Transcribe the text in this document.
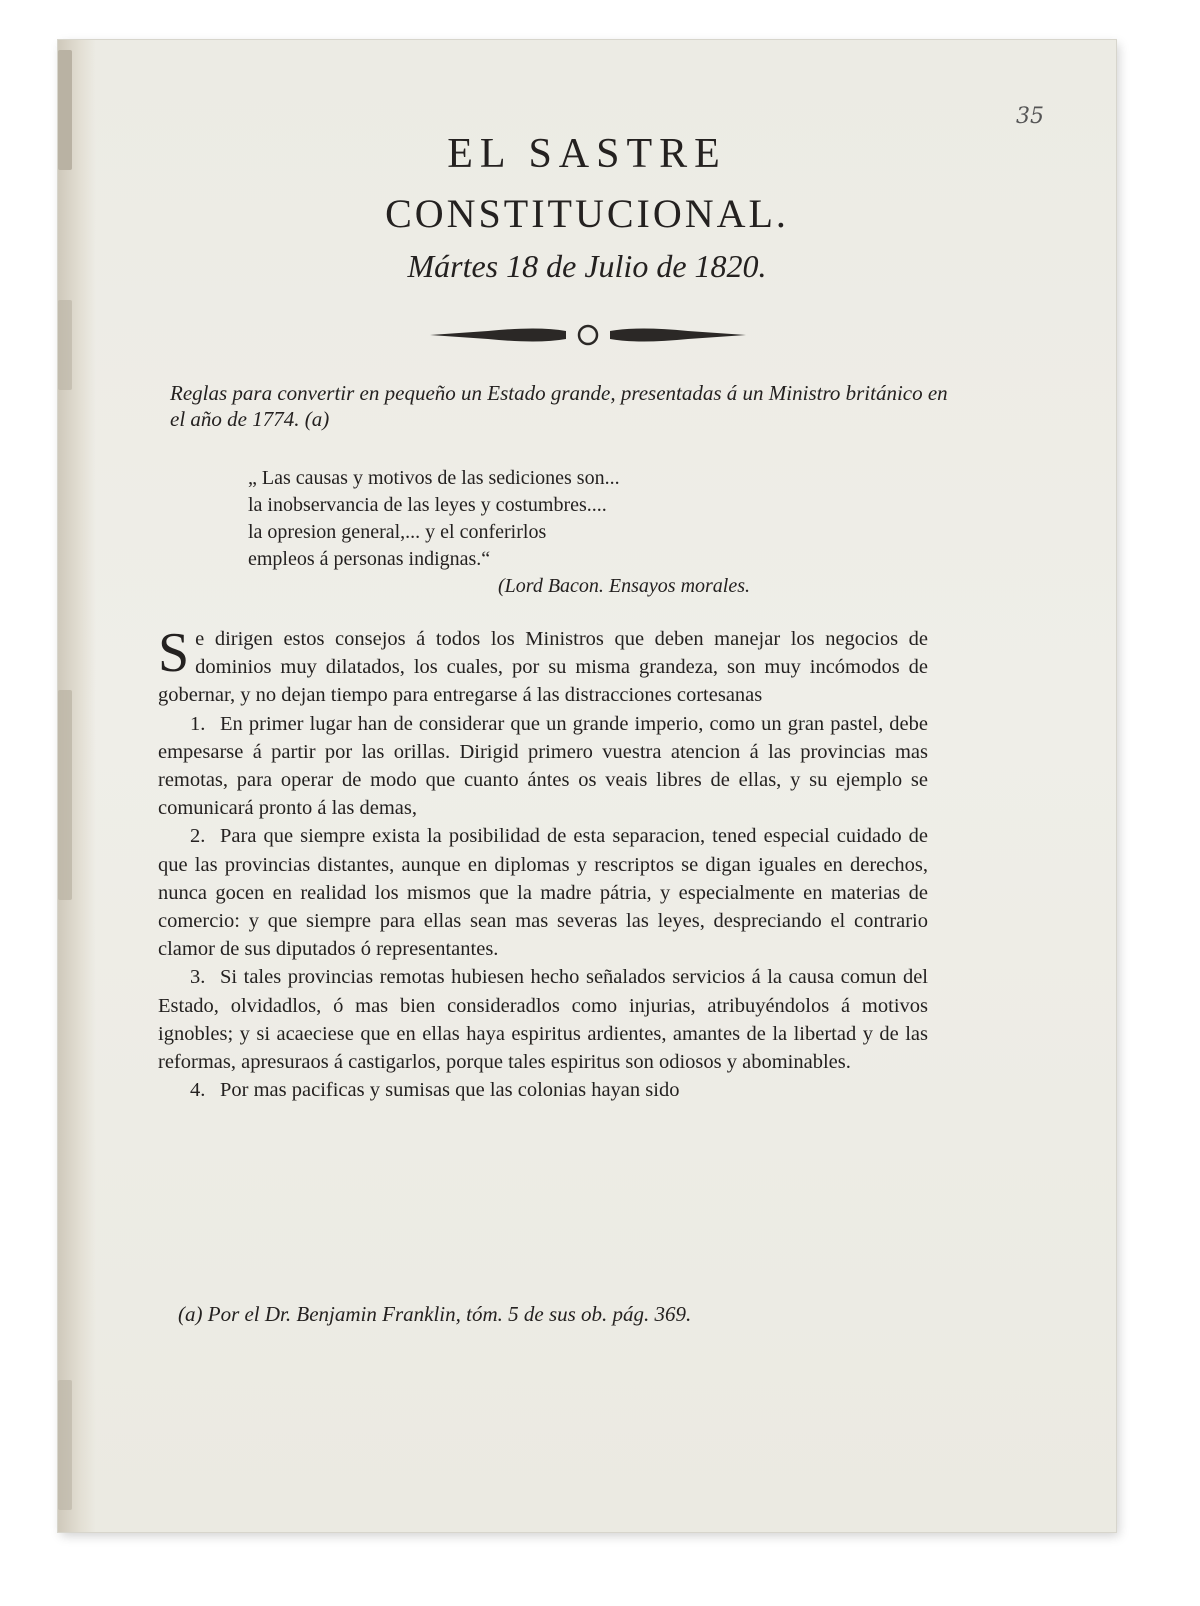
35
EL SASTRE
CONSTITUCIONAL.
Mártes 18 de Julio de 1820.
Reglas para convertir en pequeño un Estado grande, presentadas á un Ministro británico en el año de 1774. (a)
„ Las causas y motivos de las sediciones son...
la inobservancia de las leyes y costumbres....
la opresion general,... y el conferirlos
empleos á personas indignas.“
(Lord Bacon. Ensayos morales.

Se dirigen estos consejos á todos los Ministros que deben manejar los negocios de dominios muy dilatados, los cuales, por su misma grandeza, son muy incómodos de gobernar, y no dejan tiempo para entregarse á las distracciones cortesanas

1. En primer lugar han de considerar que un grande imperio, como un gran pastel, debe empesarse á partir por las orillas. Dirigid primero vuestra atencion á las provincias mas remotas, para operar de modo que cuanto ántes os veais libres de ellas, y su ejemplo se comunicará pronto á las demas,

2. Para que siempre exista la posibilidad de esta separacion, tened especial cuidado de que las provincias distantes, aunque en diplomas y rescriptos se digan iguales en derechos, nunca gocen en realidad los mismos que la madre pátria, y especialmente en materias de comercio: y que siempre para ellas sean mas severas las leyes, despreciando el contrario clamor de sus diputados ó representantes.

3. Si tales provincias remotas hubiesen hecho señalados servicios á la causa comun del Estado, olvidadlos, ó mas bien consideradlos como injurias, atribuyéndolos á motivos ignobles; y si acaeciese que en ellas haya espiritus ardientes, amantes de la libertad y de las reformas, apresuraos á castigarlos, porque tales espiritus son odiosos y abominables.

4. Por mas pacificas y sumisas que las colonias hayan sido

(a) Por el Dr. Benjamin Franklin, tóm. 5 de sus ob. pág. 369.
